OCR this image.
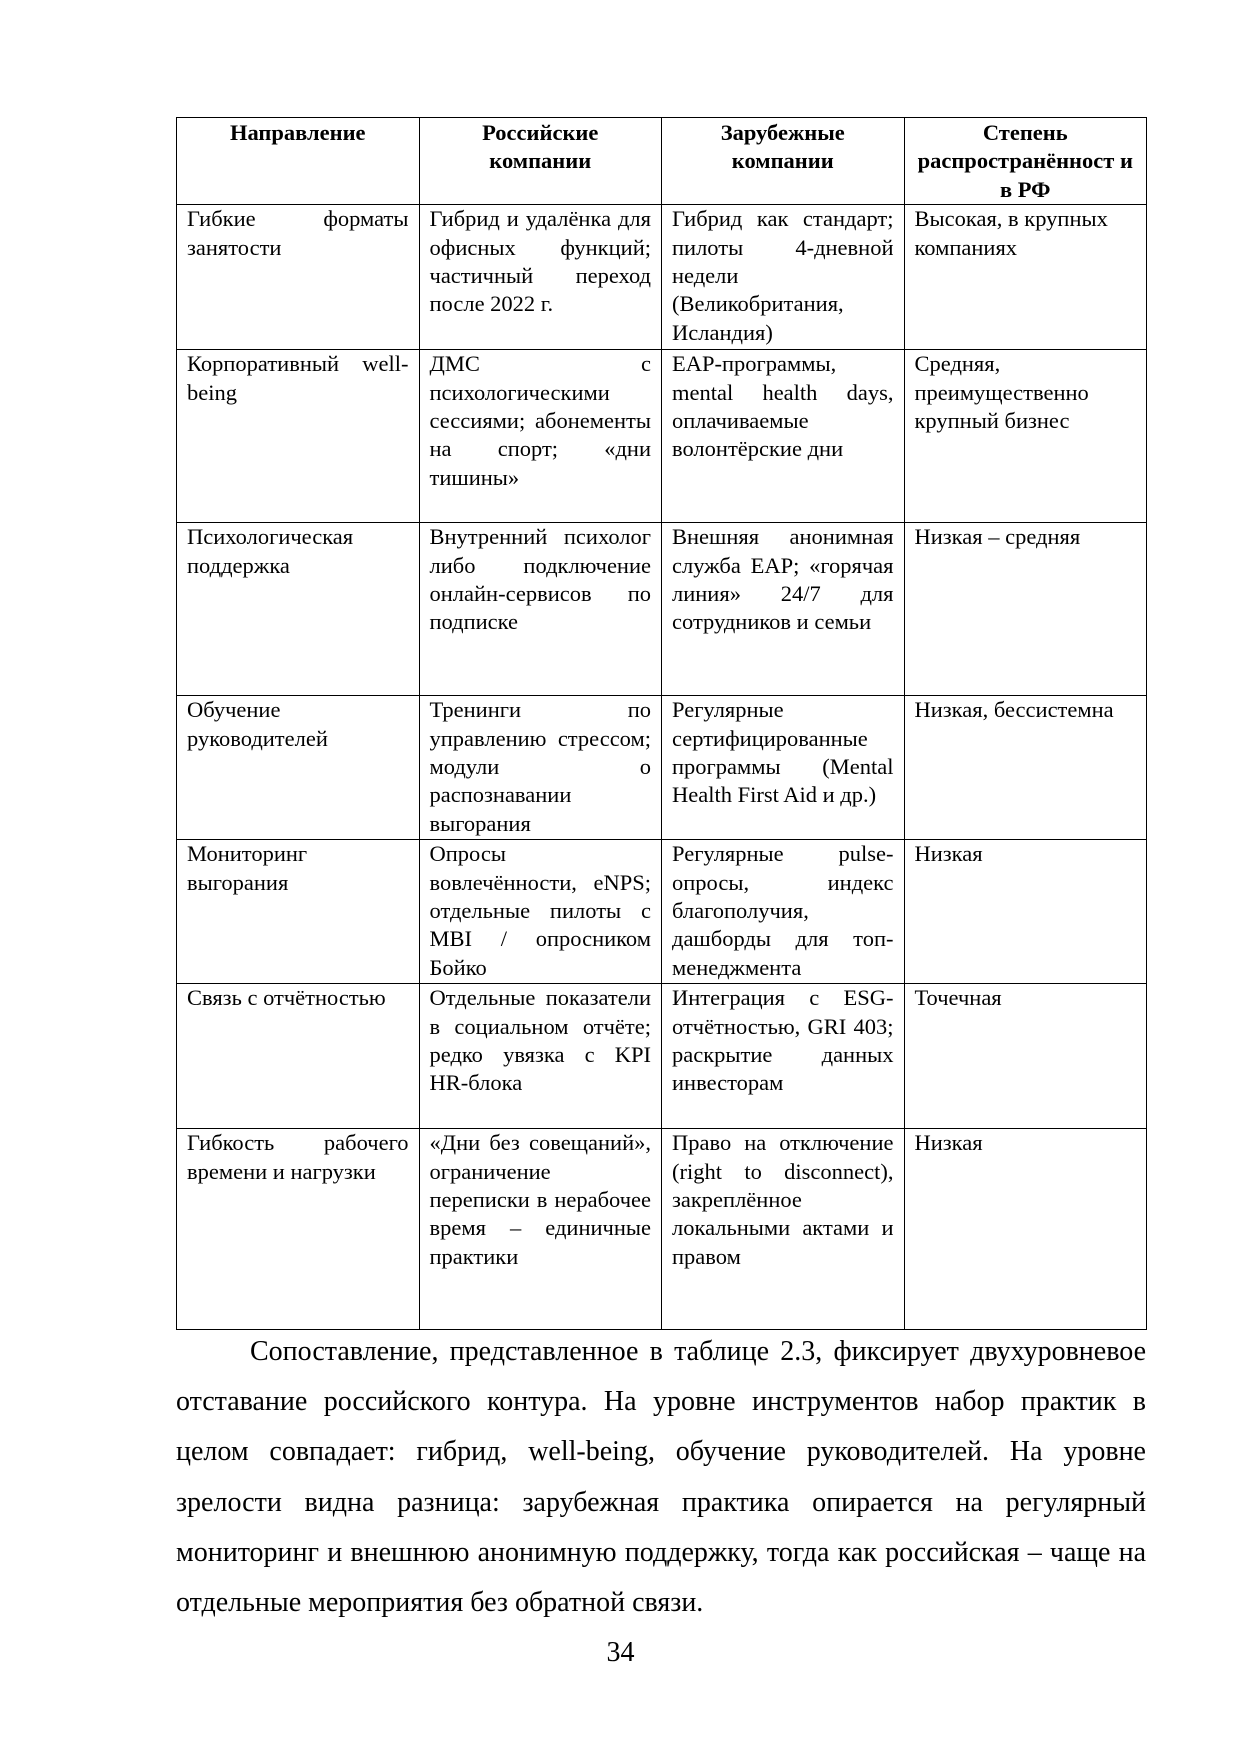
Направление	Российские компании	Зарубежные компании	Степень распространённост и в РФ
Гибкие форматы занятости	Гибрид и удалёнка для офисных функций; частичный переход после 2022 г.	Гибрид как стандарт; пилоты 4-дневной недели (Великобритания, Исландия)	Высокая, в крупных компаниях
Корпоративный well-being	ДМС с психологическими сессиями; абонементы на спорт; «дни тишины»	EAP-программы, mental health days, оплачиваемые волонтёрские дни	Средняя, преимущественно крупный бизнес
Психологическая поддержка	Внутренний психолог либо подключение онлайн-сервисов по подписке	Внешняя анонимная служба EAP; «горячая линия» 24/7 для сотрудников и семьи	Низкая – средняя
Обучение руководителей	Тренинги по управлению стрессом; модули о распознавании выгорания	Регулярные сертифицированные программы (Mental Health First Aid и др.)	Низкая, бессистемна
Мониторинг выгорания	Опросы вовлечённости, eNPS; отдельные пилоты с MBI / опросником Бойко	Регулярные pulse-опросы, индекс благополучия, дашборды для топ-менеджмента	Низкая
Связь с отчётностью	Отдельные показатели в социальном отчёте; редко увязка с KPI HR-блока	Интеграция с ESG-отчётностью, GRI 403; раскрытие данных инвесторам	Точечная
Гибкость рабочего времени и нагрузки	«Дни без совещаний», ограничение переписки в нерабочее время – единичные практики	Право на отключение (right to disconnect), закреплённое локальными актами и правом	Низкая

Сопоставление, представленное в таблице 2.3, фиксирует двухуровневое отставание российского контура. На уровне инструментов набор практик в целом совпадает: гибрид, well-being, обучение руководителей. На уровне зрелости видна разница: зарубежная практика опирается на регулярный мониторинг и внешнюю анонимную поддержку, тогда как российская – чаще на отдельные мероприятия без обратной связи.

34
